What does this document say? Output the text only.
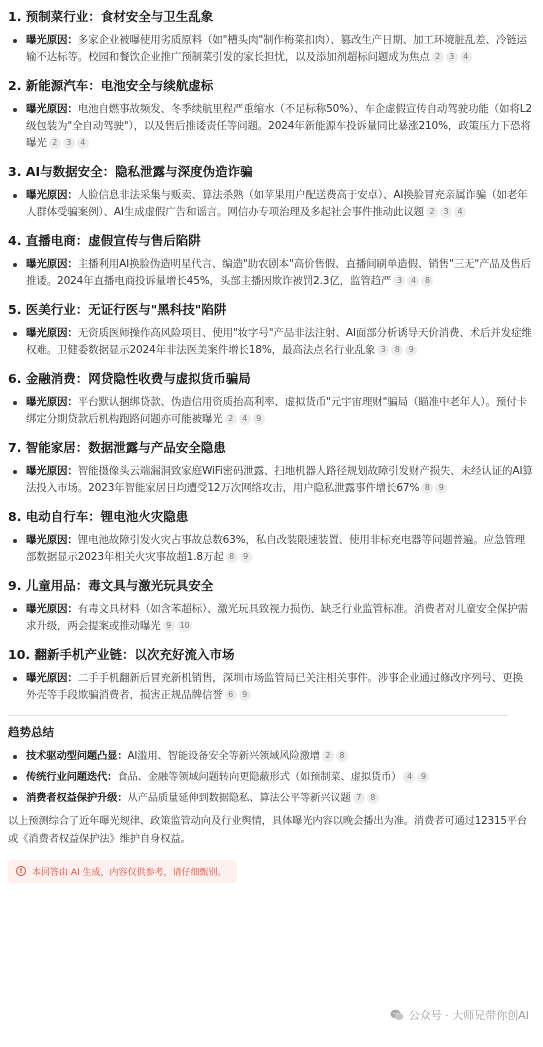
1. 预制菜行业：食材安全与卫生乱象
曝光原因：多家企业被曝使用劣质原料（如"槽头肉"制作梅菜扣肉）、篡改生产日期、加工环境脏乱差、冷链运输不达标等。校园和餐饮企业推广预制菜引发的家长担忧，以及添加剂超标问题成为焦点 2 3 4
2. 新能源汽车：电池安全与续航虚标
曝光原因：电池自燃事故频发、冬季续航里程严重缩水（不足标称50%）、车企虚假宣传自动驾驶功能（如将L2级包装为"全自动驾驶"），以及售后推诿责任等问题。2024年新能源车投诉量同比暴涨210%，政策压力下恐将曝光 2 3 4
3. AI与数据安全：隐私泄露与深度伪造诈骗
曝光原因：人脸信息非法采集与贩卖、算法杀熟（如苹果用户配送费高于安卓）、AI换脸冒充亲属诈骗（如老年人群体受骗案例）、AI生成虚假广告和谣言。网信办专项治理及多起社会事件推动此议题 2 3 4
4. 直播电商：虚假宣传与售后陷阱
曝光原因：主播利用AI换脸伪造明星代言、编造"助农剧本"高价售假、直播间刷单造假、销售"三无"产品及售后推诿。2024年直播电商投诉量增长45%，头部主播因欺诈被罚2.3亿，监管趋严 3 4 8
5. 医美行业：无证行医与"黑科技"陷阱
曝光原因：无资质医师操作高风险项目、使用"妆字号"产品非法注射、AI面部分析诱导天价消费、术后并发症维权难。卫健委数据显示2024年非法医美案件增长18%，最高法点名行业乱象 3 8 9
6. 金融消费：网贷隐性收费与虚拟货币骗局
曝光原因：平台默认捆绑贷款、伪造信用资质抬高利率、虚拟货币"元宇宙理财"骗局（瞄准中老年人）。预付卡绑定分期贷款后机构跑路问题亦可能被曝光 2 4 9
7. 智能家居：数据泄露与产品安全隐患
曝光原因：智能摄像头云端漏洞致家庭WiFi密码泄露、扫地机器人路径规划故障引发财产损失、未经认证的AI算法投入市场。2023年智能家居日均遭受12万次网络攻击，用户隐私泄露事件增长67% 8 9
8. 电动自行车：锂电池火灾隐患
曝光原因：锂电池故障引发火灾占事故总数63%，私自改装限速装置、使用非标充电器等问题普遍。应急管理部数据显示2023年相关火灾事故超1.8万起 8 9
9. 儿童用品：毒文具与激光玩具安全
曝光原因：有毒文具材料（如含苯超标）、激光玩具致视力损伤、缺乏行业监管标准。消费者对儿童安全保护需求升级，两会提案或推动曝光 9 10
10. 翻新手机产业链：以次充好流入市场
曝光原因：二手手机翻新后冒充新机销售，深圳市场监管局已关注相关事件。涉事企业通过修改序列号、更换外壳等手段欺骗消费者，损害正规品牌信誉 6 9
趋势总结
技术驱动型问题凸显：AI滥用、智能设备安全等新兴领域风险激增 2 8
传统行业问题迭代：食品、金融等领域问题转向更隐蔽形式（如预制菜、虚拟货币） 4 9
消费者权益保护升级：从产品质量延伸到数据隐私、算法公平等新兴议题 7 8
以上预测综合了近年曝光规律、政策监管动向及行业舆情，具体曝光内容以晚会播出为准。消费者可通过12315平台或《消费者权益保护法》维护自身权益。
!	本回答由 AI 生成，内容仅供参考，请仔细甄别。
公众号 · 大师兄带你创AI
